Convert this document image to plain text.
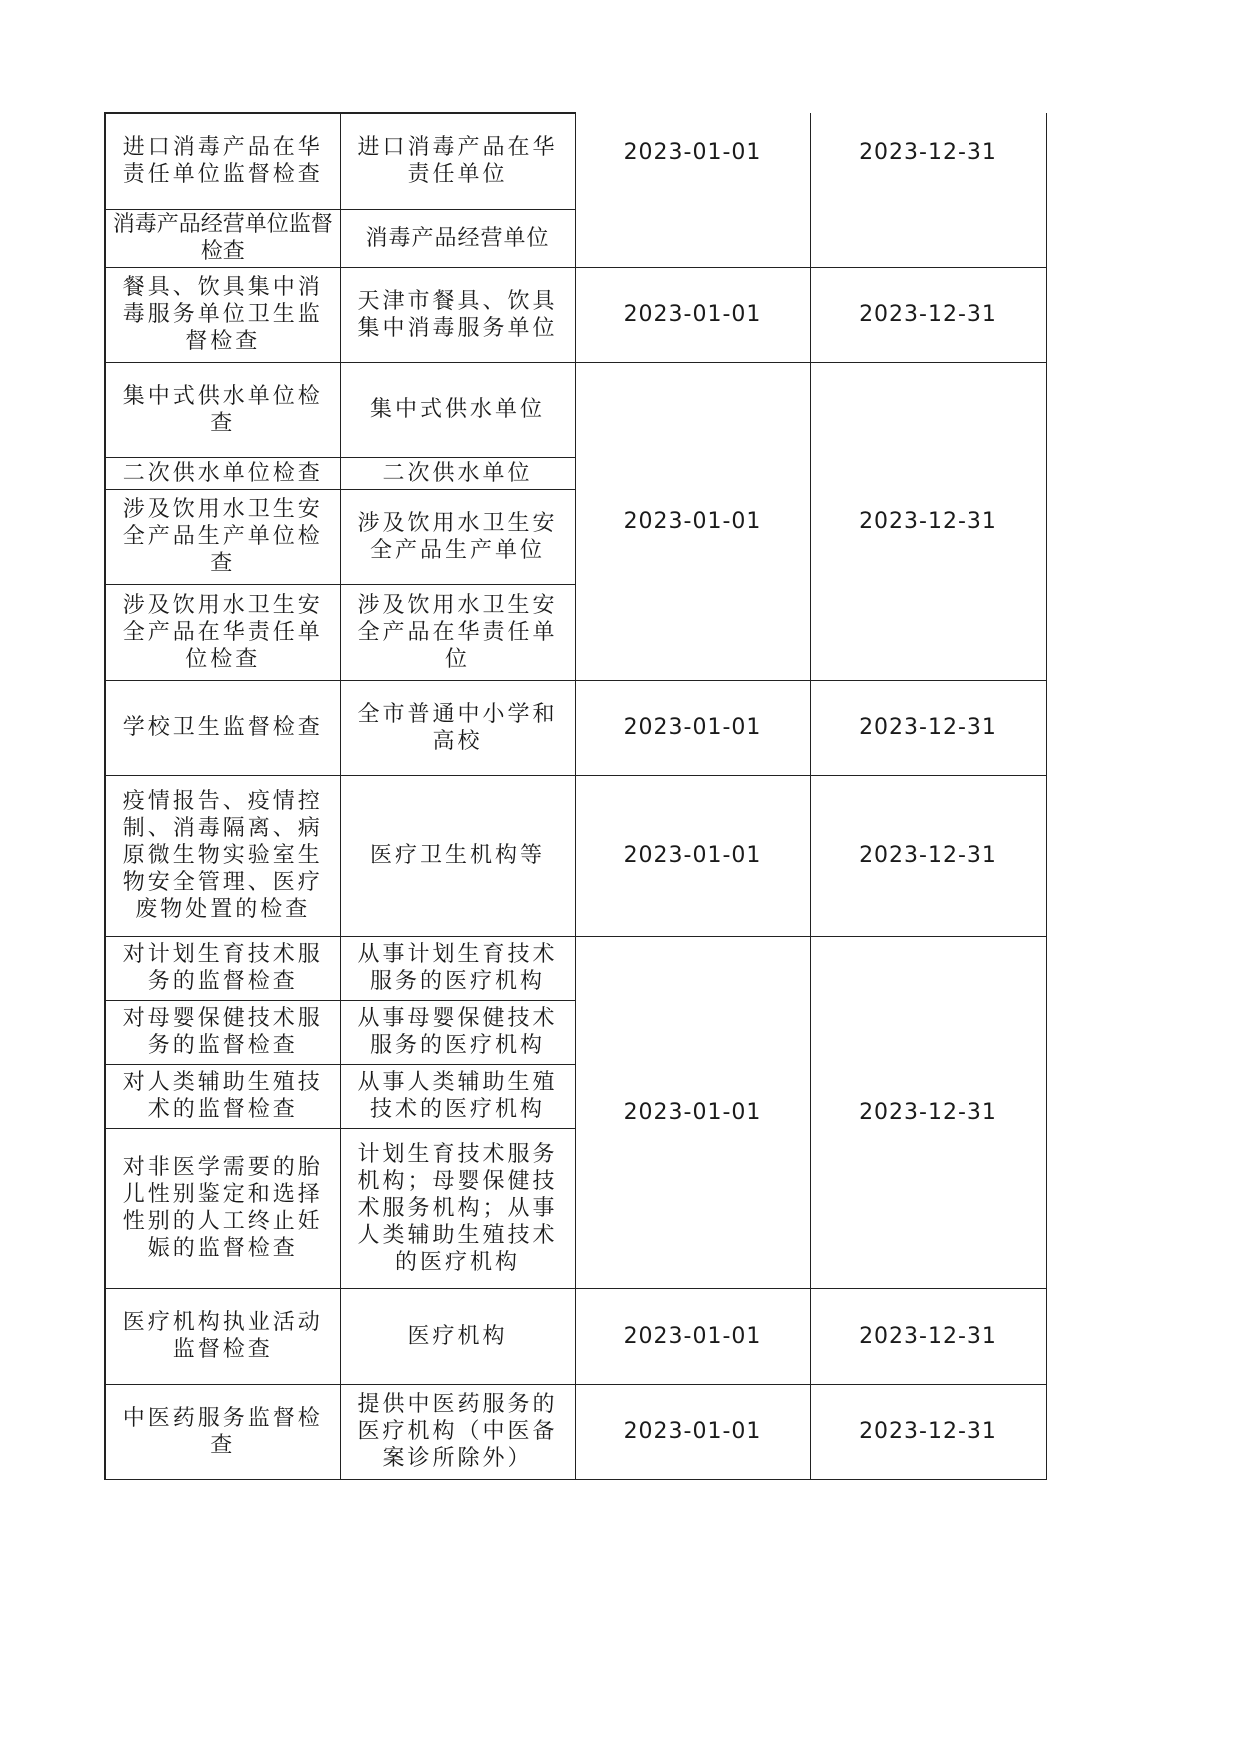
进口消毒产品在华责任单位监督检查	进口消毒产品在华责任单位	2023-01-01	2023-12-31
消毒产品经营单位监督检查	消毒产品经营单位		
餐具、饮具集中消毒服务单位卫生监督检查	天津市餐具、饮具集中消毒服务单位	2023-01-01	2023-12-31
集中式供水单位检查	集中式供水单位	2023-01-01	2023-12-31
二次供水单位检查	二次供水单位		
涉及饮用水卫生安全产品生产单位检查	涉及饮用水卫生安全产品生产单位		
涉及饮用水卫生安全产品在华责任单位检查	涉及饮用水卫生安全产品在华责任单位		
学校卫生监督检查	全市普通中小学和高校	2023-01-01	2023-12-31
疫情报告、疫情控制、消毒隔离、病原微生物实验室生物安全管理、医疗废物处置的检查	医疗卫生机构等	2023-01-01	2023-12-31
对计划生育技术服务的监督检查	从事计划生育技术服务的医疗机构	2023-01-01	2023-12-31
对母婴保健技术服务的监督检查	从事母婴保健技术服务的医疗机构		
对人类辅助生殖技术的监督检查	从事人类辅助生殖技术的医疗机构		
对非医学需要的胎儿性别鉴定和选择性别的人工终止妊娠的监督检查	计划生育技术服务机构；母婴保健技术服务机构；从事人类辅助生殖技术的医疗机构		
医疗机构执业活动监督检查	医疗机构	2023-01-01	2023-12-31
中医药服务监督检查	提供中医药服务的医疗机构（中医备案诊所除外）	2023-01-01	2023-12-31
